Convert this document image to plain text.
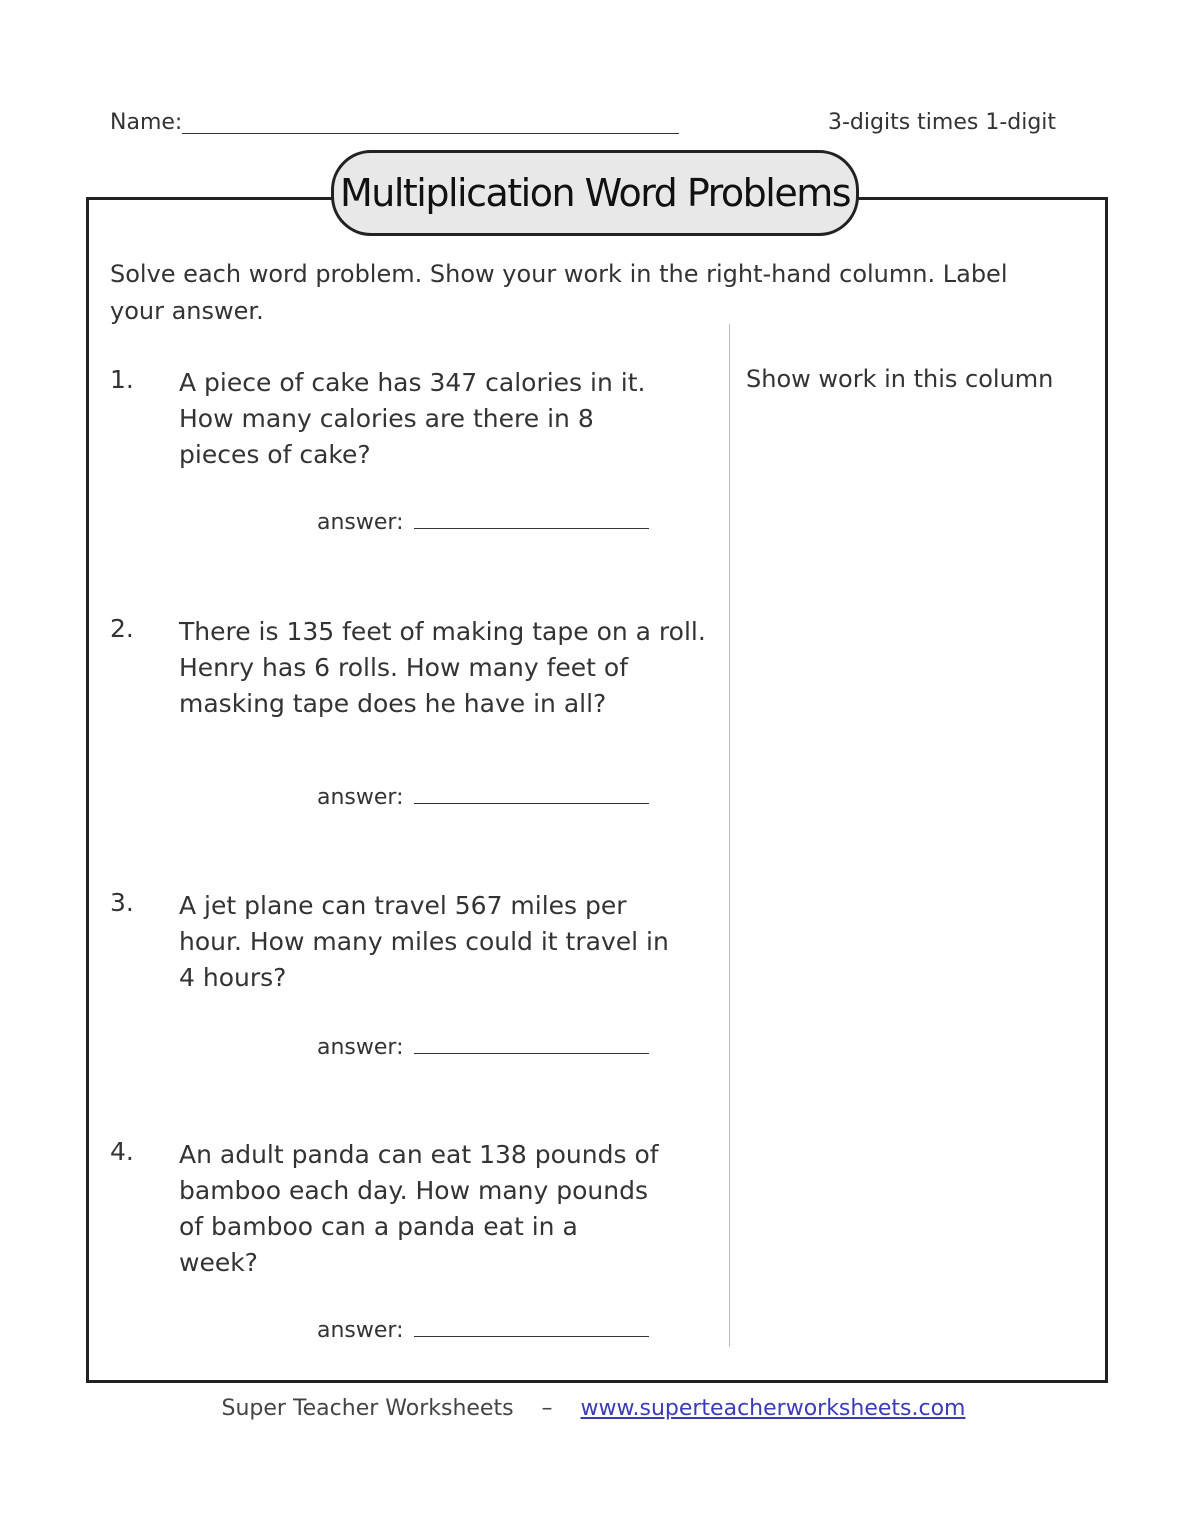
Name:	3-digits times 1-digit
Multiplication Word Problems
Solve each word problem. Show your work in the right-hand column. Label your answer.
Show work in this column
1. A piece of cake has 347 calories in it. How many calories are there in 8 pieces of cake?
answer:
2. There is 135 feet of making tape on a roll. Henry has 6 rolls. How many feet of masking tape does he have in all?
answer:
3. A jet plane can travel 567 miles per hour. How many miles could it travel in 4 hours?
answer:
4. An adult panda can eat 138 pounds of bamboo each day. How many pounds of bamboo can a panda eat in a week?
answer:
Super Teacher Worksheets – www.superteacherworksheets.com
